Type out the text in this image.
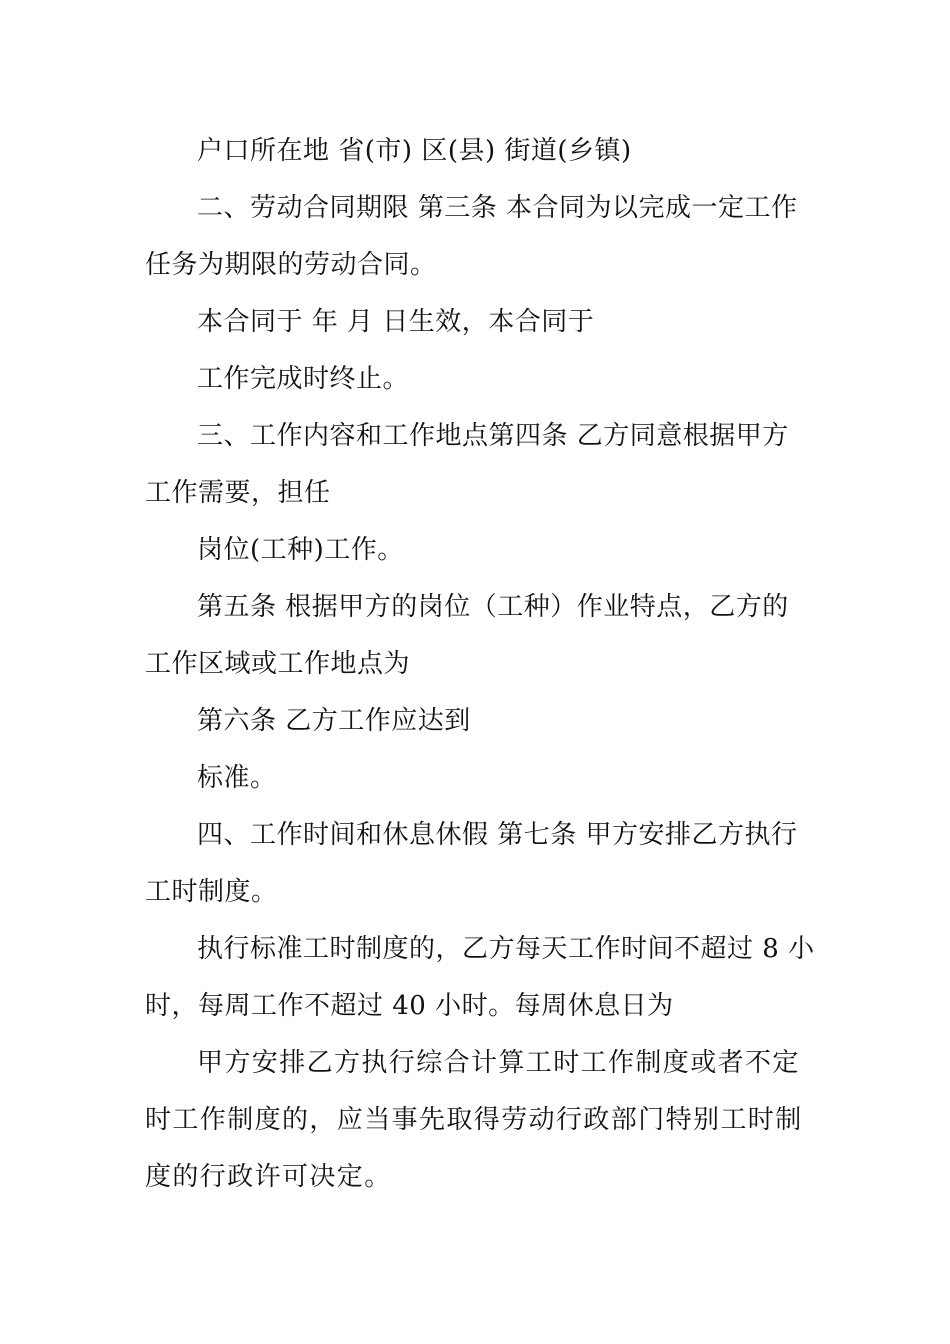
户口所在地 省(市) 区(县) 街道(乡镇)

二、劳动合同期限 第三条 本合同为以完成一定工作任务为期限的劳动合同。

本合同于 年 月 日生效，本合同于

工作完成时终止。

三、工作内容和工作地点第四条 乙方同意根据甲方工作需要，担任

岗位(工种)工作。

第五条 根据甲方的岗位（工种）作业特点，乙方的工作区域或工作地点为

第六条 乙方工作应达到

标准。

四、工作时间和休息休假 第七条 甲方安排乙方执行工时制度。

执行标准工时制度的，乙方每天工作时间不超过 8 小时，每周工作不超过 40 小时。每周休息日为

甲方安排乙方执行综合计算工时工作制度或者不定时工作制度的，应当事先取得劳动行政部门特别工时制度的行政许可决定。
